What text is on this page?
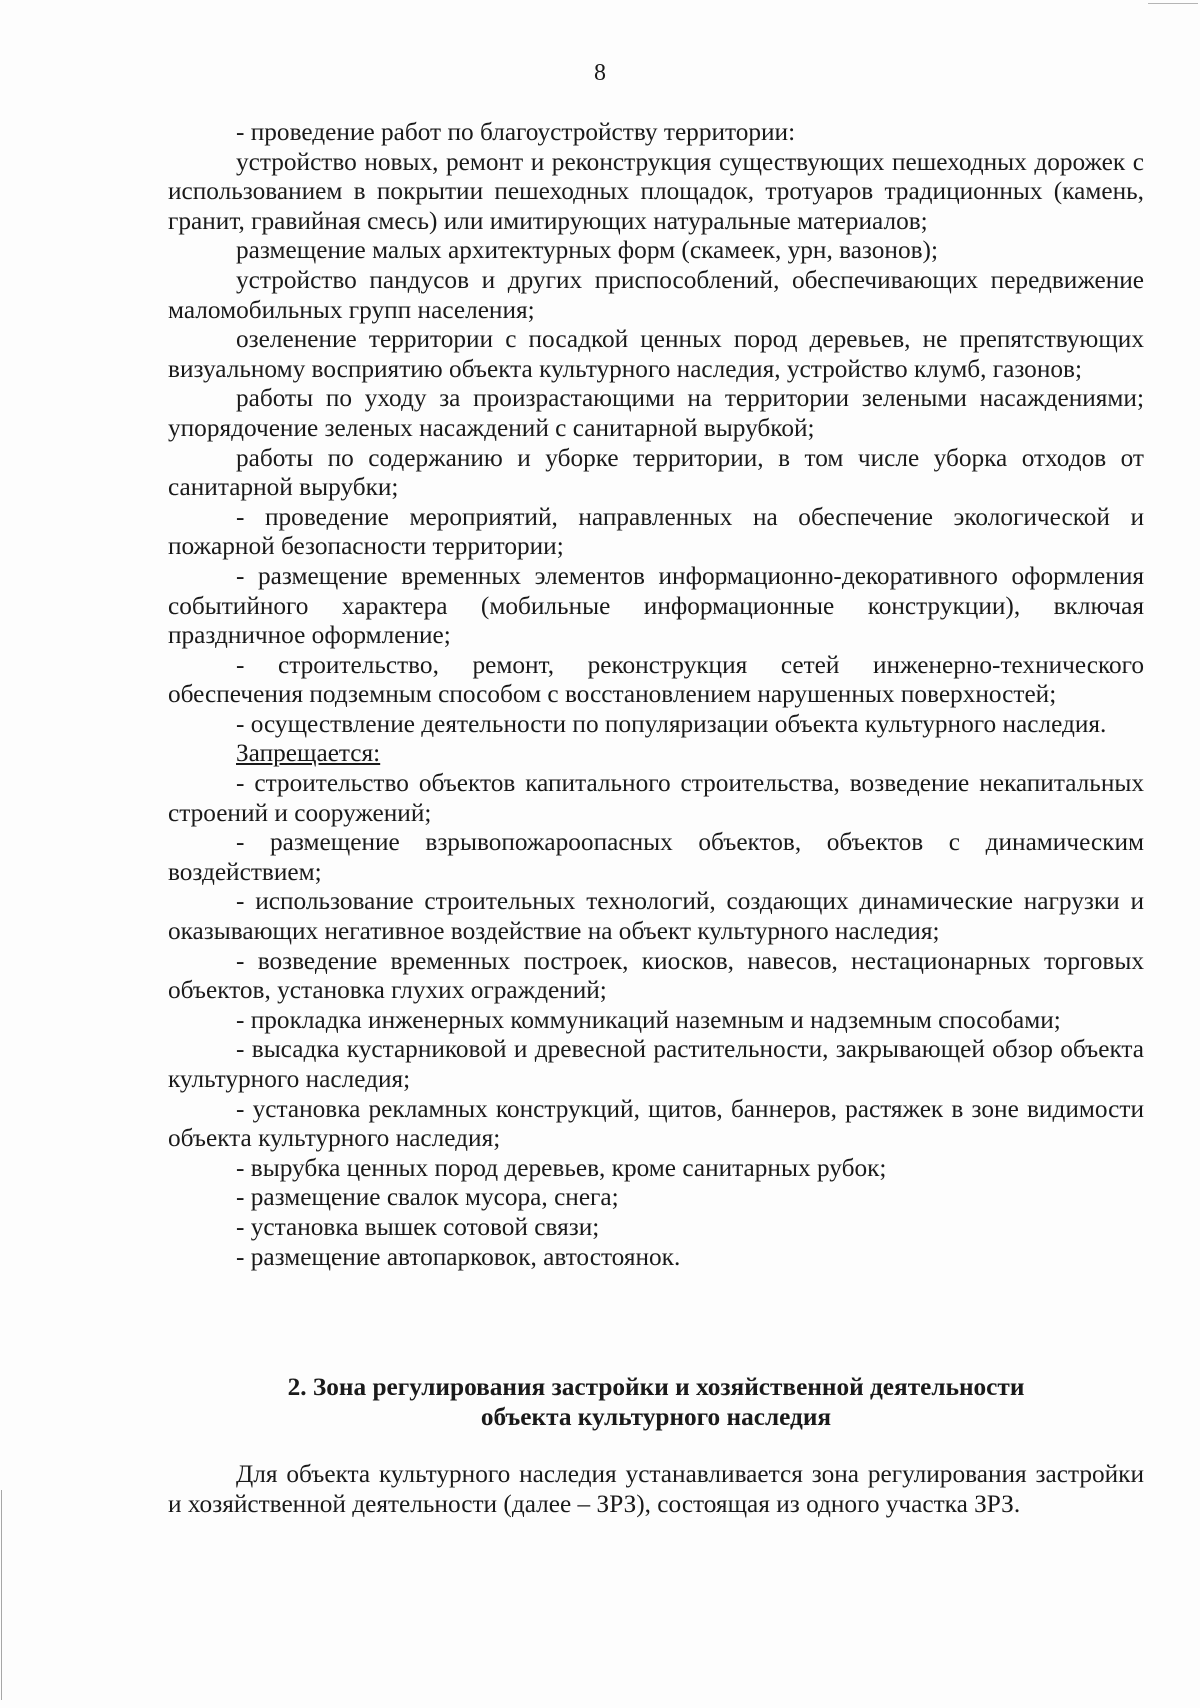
8

- проведение работ по благоустройству территории:

устройство новых, ремонт и реконструкция существующих пешеходных дорожек с использованием в покрытии пешеходных площадок, тротуаров традиционных (камень, гранит, гравийная смесь) или имитирующих натуральные материалов;

размещение малых архитектурных форм (скамеек, урн, вазонов);

устройство пандусов и других приспособлений, обеспечивающих передвижение маломобильных групп населения;

озеленение территории с посадкой ценных пород деревьев, не препятствующих визуальному восприятию объекта культурного наследия, устройство клумб, газонов;

работы по уходу за произрастающими на территории зелеными насаждениями; упорядочение зеленых насаждений с санитарной вырубкой;

работы по содержанию и уборке территории, в том числе уборка отходов от санитарной вырубки;

- проведение мероприятий, направленных на обеспечение экологической и пожарной безопасности территории;

- размещение временных элементов информационно-декоративного оформления событийного характера (мобильные информационные конструкции), включая праздничное оформление;

- строительство, ремонт, реконструкция сетей инженерно-технического обеспечения подземным способом с восстановлением нарушенных поверхностей;

- осуществление деятельности по популяризации объекта культурного наследия.

Запрещается:

- строительство объектов капитального строительства, возведение некапитальных строений и сооружений;

- размещение взрывопожароопасных объектов, объектов с динамическим воздействием;

- использование строительных технологий, создающих динамические нагрузки и оказывающих негативное воздействие на объект культурного наследия;

- возведение временных построек, киосков, навесов, нестационарных торговых объектов, установка глухих ограждений;

- прокладка инженерных коммуникаций наземным и надземным способами;

- высадка кустарниковой и древесной растительности, закрывающей обзор объекта культурного наследия;

- установка рекламных конструкций, щитов, баннеров, растяжек в зоне видимости объекта культурного наследия;

- вырубка ценных пород деревьев, кроме санитарных рубок;

- размещение свалок мусора, снега;

- установка вышек сотовой связи;

- размещение автопарковок, автостоянок.

2. Зона регулирования застройки и хозяйственной деятельности
объекта культурного наследия

Для объекта культурного наследия устанавливается зона регулирования застройки и хозяйственной деятельности (далее – ЗРЗ), состоящая из одного участка ЗРЗ.
